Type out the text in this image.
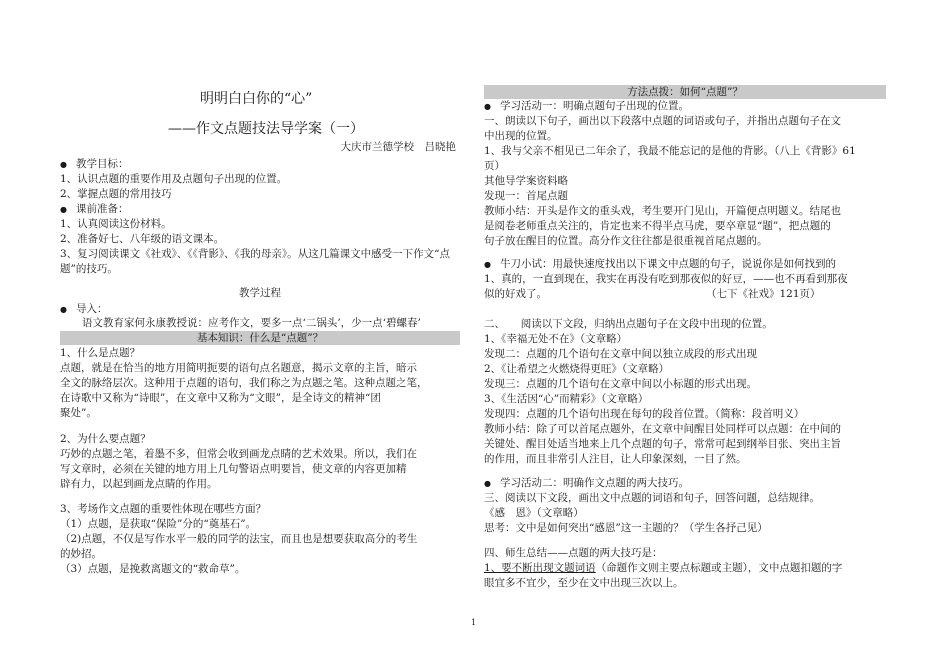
明明白白你的“心”
——作文点题技法导学案（一）
大庆市兰德学校　吕晓艳
● 教学目标：
1、认识点题的重要作用及点题句子出现的位置。
2、掌握点题的常用技巧
● 课前准备：
1、认真阅读这份材料。
2、准备好七、八年级的语文课本。
3、复习阅读课文《社戏》、《《背影》、《我的母亲》。从这几篇课文中感受一下作文“点
题”的技巧。
教学过程
● 导入：
语文教育家何永康教授说：应考作文，要多一点‘二锅头’，少一点‘碧螺春’
基本知识：什么是“点题”？
1、什么是点题？
点题，就是在恰当的地方用简明扼要的语句点名题意，揭示文章的主旨，暗示
全文的脉络层次。这种用于点题的语句，我们称之为点题之笔。这种点题之笔，
在诗歌中又称为“诗眼”，在文章中又称为“文眼”，是全诗文的精神“团
聚处”。
2、为什么要点题？
巧妙的点题之笔，着墨不多，但常会收到画龙点睛的艺术效果。所以，我们在
写文章时，必须在关键的地方用上几句警语点明要旨，使文章的内容更加精
辟有力，以起到画龙点睛的作用。
3、考场作文点题的重要性体现在哪些方面？
（1）点题，是获取“保险”分的“奠基石”。
（2)点题，不仅是写作水平一般的同学的法宝，而且也是想要获取高分的考生
的妙招。
（3）点题，是挽救离题文的“救命草”。
方法点拨：如何“点题”？
● 学习活动一：明确点题句子出现的位置。
一、朗读以下句子，画出以下段落中点题的词语或句子，并指出点题句子在文
中出现的位置。
1、我与父亲不相见已二年余了，我最不能忘记的是他的背影。（八上《背影》61
页）
其他导学案资料略
发现一：首尾点题
教师小结：开头是作文的重头戏，考生要开门见山，开篇便点明题义。结尾也
是阅卷老师重点关注的，肯定也来不得半点马虎，要卒章显“题”，把点题的
句子放在醒目的位置。高分作文往往都是很重视首尾点题的。
● 牛刀小试：用最快速度找出以下课文中点题的句子，说说你是如何找到的
1、真的，一直到现在，我实在再没有吃到那夜似的好豆，——也不再看到那夜
似的好戏了。	（七下《社戏》121页）
二、　　阅读以下文段，归纳出点题句子在文段中出现的位置。
1、《幸福无处不在》（文章略）
发现二：点题的几个语句在文章中间以独立成段的形式出现
2、《让希望之火燃烧得更旺》（文章略）
发现三：点题的几个语句在文章中间以小标题的形式出现。
3、《生活因“心”而精彩》（文章略）
发现四：点题的几个语句出现在每句的段首位置。（简称：段首明义）
教师小结：除了可以首尾点题外，在文章中间醒目处同样可以点题：在中间的
关键处、醒目处适当地来上几个点题的句子，常常可起到纲举目张、突出主旨
的作用，而且非常引人注目，让人印象深刻，一目了然。
● 学习活动二：明确作文点题的两大技巧。
三、阅读以下文段，画出文中点题的词语和句子，回答问题，总结规律。
《感　恩》（文章略）
思考：文中是如何突出“感恩”这一主题的？（学生各抒己见）
四、师生总结——点题的两大技巧是：
1、要不断出现文题词语（命题作文则主要点标题或主题），文中点题扣题的字
眼宜多不宜少，至少在文中出现三次以上。
1
